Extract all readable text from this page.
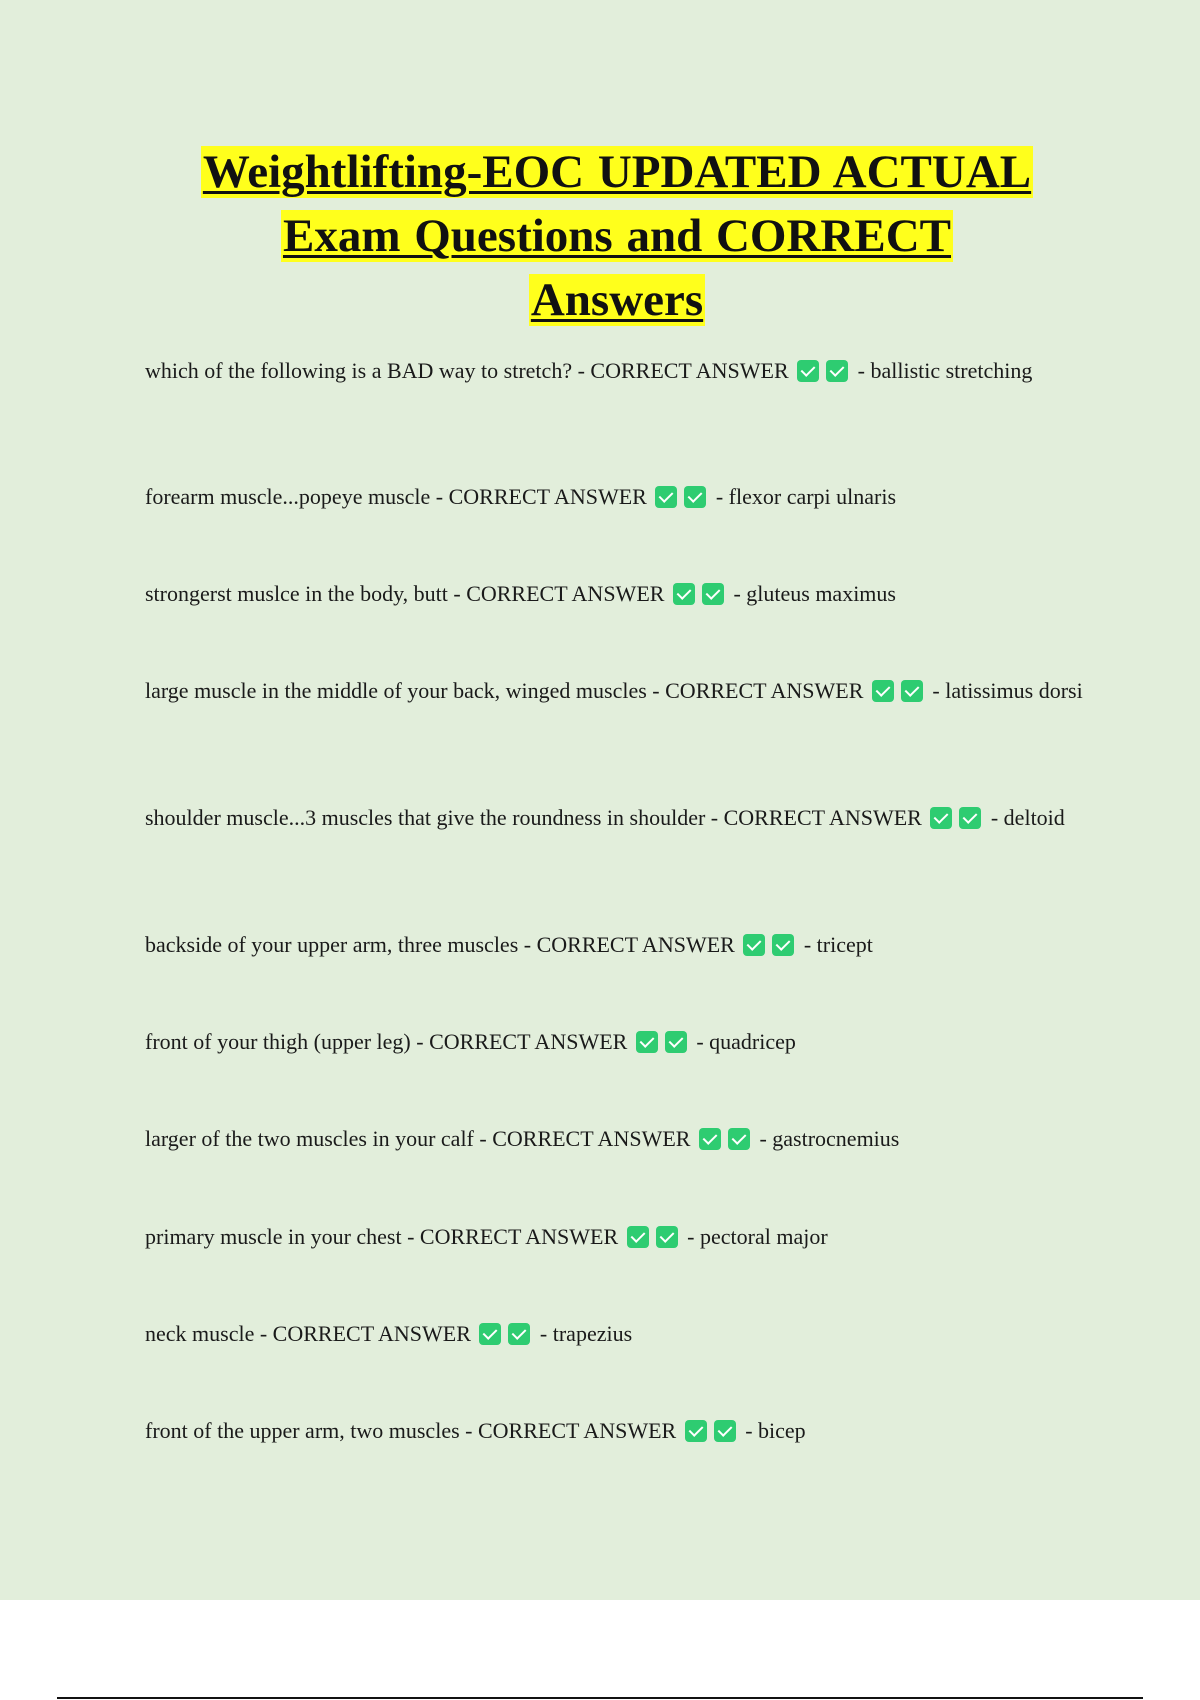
Weightlifting-EOC UPDATED ACTUAL
Exam Questions and CORRECT
Answers
which of the following is a BAD way to stretch? - CORRECT ANSWER	- ballistic stretching
forearm muscle...popeye muscle - CORRECT ANSWER	- flexor carpi ulnaris
strongerst muslce in the body, butt - CORRECT ANSWER	- gluteus maximus
large muscle in the middle of your back, winged muscles - CORRECT ANSWER	- latissimus dorsi
shoulder muscle...3 muscles that give the roundness in shoulder - CORRECT ANSWER	- deltoid
backside of your upper arm, three muscles - CORRECT ANSWER	- tricept
front of your thigh (upper leg) - CORRECT ANSWER	- quadricep
larger of the two muscles in your calf - CORRECT ANSWER	- gastrocnemius
primary muscle in your chest - CORRECT ANSWER	- pectoral major
neck muscle - CORRECT ANSWER	- trapezius
front of the upper arm, two muscles - CORRECT ANSWER	- bicep
